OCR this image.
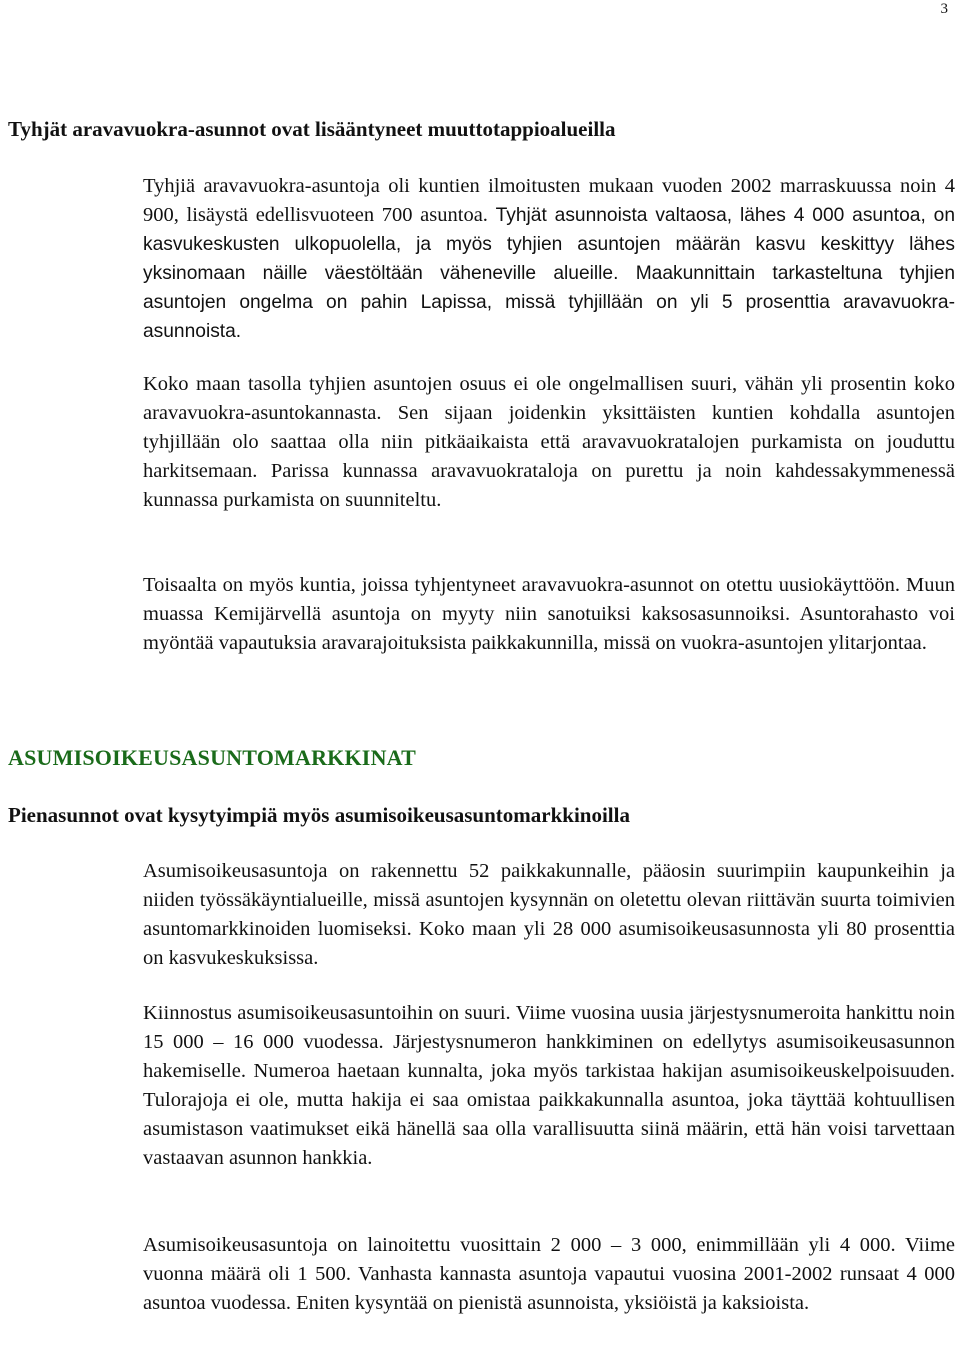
3
Tyhjät aravavuokra-asunnot ovat lisääntyneet muuttotappioalueilla

Tyhjiä aravavuokra-asuntoja oli kuntien ilmoitusten mukaan vuoden 2002 marraskuussa noin 4 900, lisäystä edellisvuoteen 700 asuntoa. Tyhjät asunnoista valtaosa, lähes 4 000 asuntoa, on kasvukeskusten ulkopuolella, ja myös tyhjien asuntojen määrän kasvu keskittyy lähes yksinomaan näille väestöltään väheneville alueille. Maakunnittain tarkasteltuna tyhjien asuntojen ongelma on pahin Lapissa, missä tyhjillään on yli 5 prosenttia aravavuokra-asunnoista.

Koko maan tasolla tyhjien asuntojen osuus ei ole ongelmallisen suuri, vähän yli prosentin koko aravavuokra-asuntokannasta. Sen sijaan joidenkin yksittäisten kuntien kohdalla asuntojen tyhjillään olo saattaa olla niin pitkäaikaista että aravavuokratalojen purkamista on jouduttu harkitsemaan. Parissa kunnassa aravavuokrataloja on purettu ja noin kahdessakymmenessä kunnassa purkamista on suunniteltu.

Toisaalta on myös kuntia, joissa tyhjentyneet aravavuokra-asunnot on otettu uusiokäyttöön. Muun muassa Kemijärvellä asuntoja on myyty niin sanotuiksi kaksosasunnoiksi. Asuntorahasto voi myöntää vapautuksia aravarajoituksista paikkakunnilla, missä on vuokra-asuntojen ylitarjontaa.

ASUMISOIKEUSASUNTOMARKKINAT
Pienasunnot ovat kysytyimpiä myös asumisoikeusasuntomarkkinoilla

Asumisoikeusasuntoja on rakennettu 52 paikkakunnalle, pääosin suurimpiin kaupunkeihin ja niiden työssäkäyntialueille, missä asuntojen kysynnän on oletettu olevan riittävän suurta toimivien asuntomarkkinoiden luomiseksi. Koko maan yli 28 000 asumisoikeusasunnosta yli 80 prosenttia on kasvukeskuksissa.

Kiinnostus asumisoikeusasuntoihin on suuri. Viime vuosina uusia järjestysnumeroita hankittu noin 15 000 – 16 000 vuodessa. Järjestysnumeron hankkiminen on edellytys asumisoikeusasunnon hakemiselle. Numeroa haetaan kunnalta, joka myös tarkistaa hakijan asumisoikeuskelpoisuuden. Tulorajoja ei ole, mutta hakija ei saa omistaa paikkakunnalla asuntoa, joka täyttää kohtuullisen asumistason vaatimukset eikä hänellä saa olla varallisuutta siinä määrin, että hän voisi tarvettaan vastaavan asunnon hankkia.

Asumisoikeusasuntoja on lainoitettu vuosittain 2 000 – 3 000, enimmillään yli 4 000. Viime vuonna määrä oli 1 500. Vanhasta kannasta asuntoja vapautui vuosina 2001-2002 runsaat 4 000 asuntoa vuodessa. Eniten kysyntää on pienistä asunnoista, yksiöistä ja kaksioista.
